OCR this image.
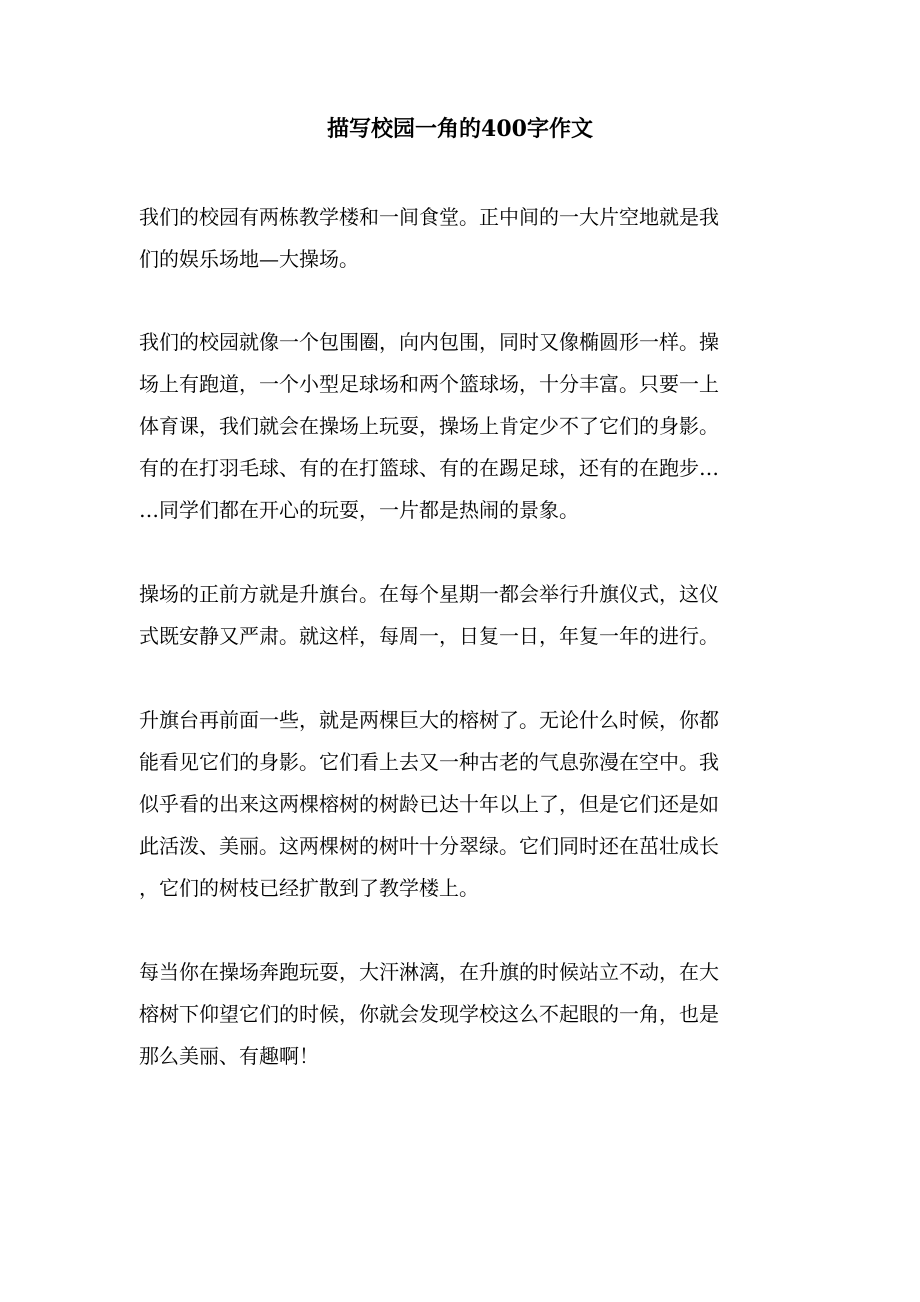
描写校园一角的400字作文

我们的校园有两栋教学楼和一间食堂。正中间的一大片空地就是我
们的娱乐场地—大操场。

我们的校园就像一个包围圈，向内包围，同时又像椭圆形一样。操
场上有跑道，一个小型足球场和两个篮球场，十分丰富。只要一上
体育课，我们就会在操场上玩耍，操场上肯定少不了它们的身影。
有的在打羽毛球、有的在打篮球、有的在踢足球，还有的在跑步…
…同学们都在开心的玩耍，一片都是热闹的景象。

操场的正前方就是升旗台。在每个星期一都会举行升旗仪式，这仪
式既安静又严肃。就这样，每周一，日复一日，年复一年的进行。

升旗台再前面一些，就是两棵巨大的榕树了。无论什么时候，你都
能看见它们的身影。它们看上去又一种古老的气息弥漫在空中。我
似乎看的出来这两棵榕树的树龄已达十年以上了，但是它们还是如
此活泼、美丽。这两棵树的树叶十分翠绿。它们同时还在茁壮成长
，它们的树枝已经扩散到了教学楼上。

每当你在操场奔跑玩耍，大汗淋漓，在升旗的时候站立不动，在大
榕树下仰望它们的时候，你就会发现学校这么不起眼的一角，也是
那么美丽、有趣啊！
